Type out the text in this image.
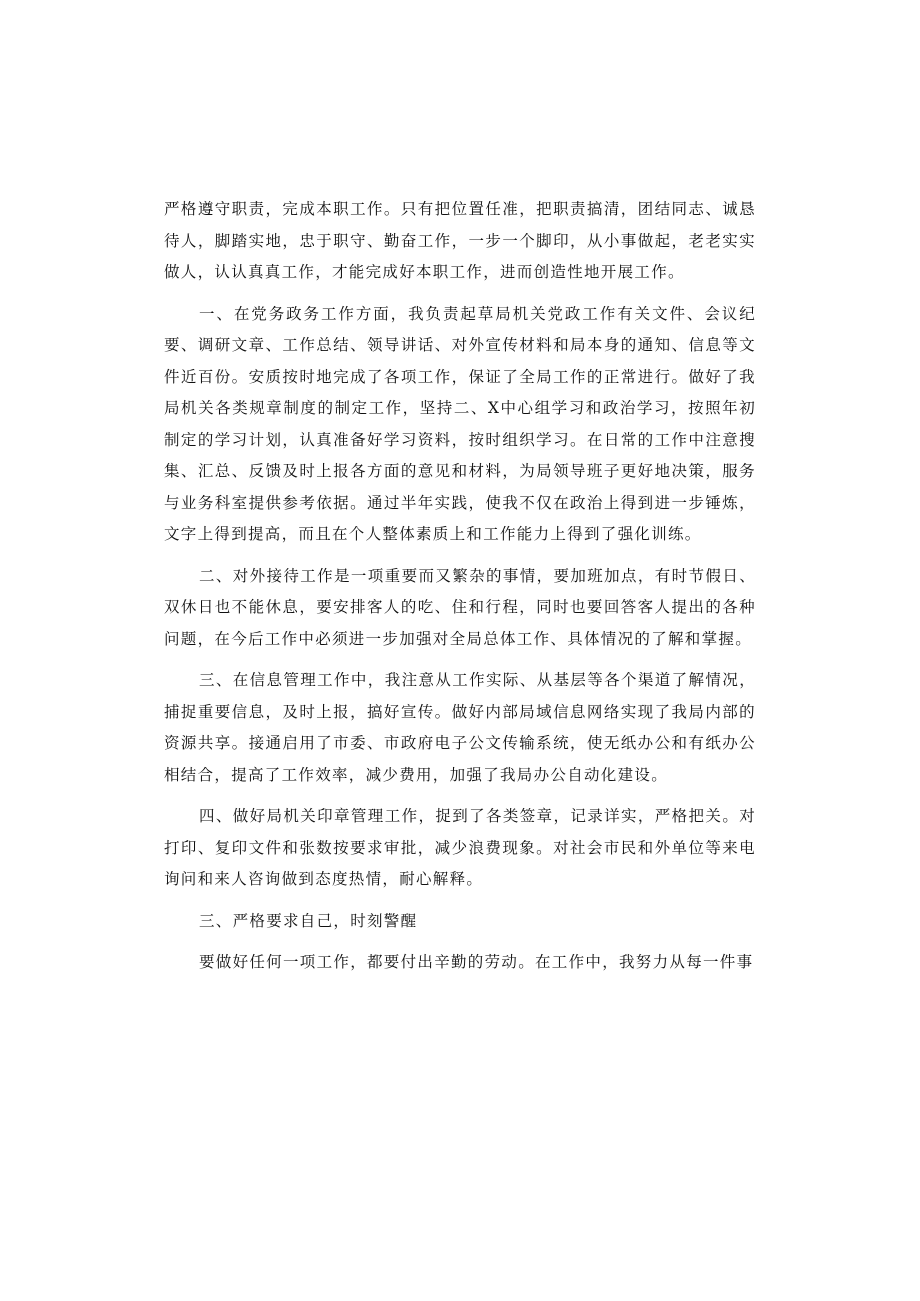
严格遵守职责，完成本职工作。只有把位置任准，把职责搞清，团结同志、诚恳待人，脚踏实地，忠于职守、勤奋工作，一步一个脚印，从小事做起，老老实实做人，认认真真工作，才能完成好本职工作，进而创造性地开展工作。

一、在党务政务工作方面，我负责起草局机关党政工作有关文件、会议纪要、调研文章、工作总结、领导讲话、对外宣传材料和局本身的通知、信息等文件近百份。安质按时地完成了各项工作，保证了全局工作的正常进行。做好了我局机关各类规章制度的制定工作，坚持二、X中心组学习和政治学习，按照年初制定的学习计划，认真准备好学习资料，按时组织学习。在日常的工作中注意搜集、汇总、反馈及时上报各方面的意见和材料，为局领导班子更好地决策，服务与业务科室提供参考依据。通过半年实践，使我不仅在政治上得到进一步锤炼，文字上得到提高，而且在个人整体素质上和工作能力上得到了强化训练。

二、对外接待工作是一项重要而又繁杂的事情，要加班加点，有时节假日、双休日也不能休息，要安排客人的吃、住和行程，同时也要回答客人提出的各种问题，在今后工作中必须进一步加强对全局总体工作、具体情况的了解和掌握。

三、在信息管理工作中，我注意从工作实际、从基层等各个渠道了解情况，捕捉重要信息，及时上报，搞好宣传。做好内部局域信息网络实现了我局内部的资源共享。接通启用了市委、市政府电子公文传输系统，使无纸办公和有纸办公相结合，提高了工作效率，减少费用，加强了我局办公自动化建设。

四、做好局机关印章管理工作，捉到了各类签章，记录详实，严格把关。对打印、复印文件和张数按要求审批，减少浪费现象。对社会市民和外单位等来电询问和来人咨询做到态度热情，耐心解释。

三、严格要求自己，时刻警醒

要做好任何一项工作，都要付出辛勤的劳动。在工作中，我努力从每一件事
